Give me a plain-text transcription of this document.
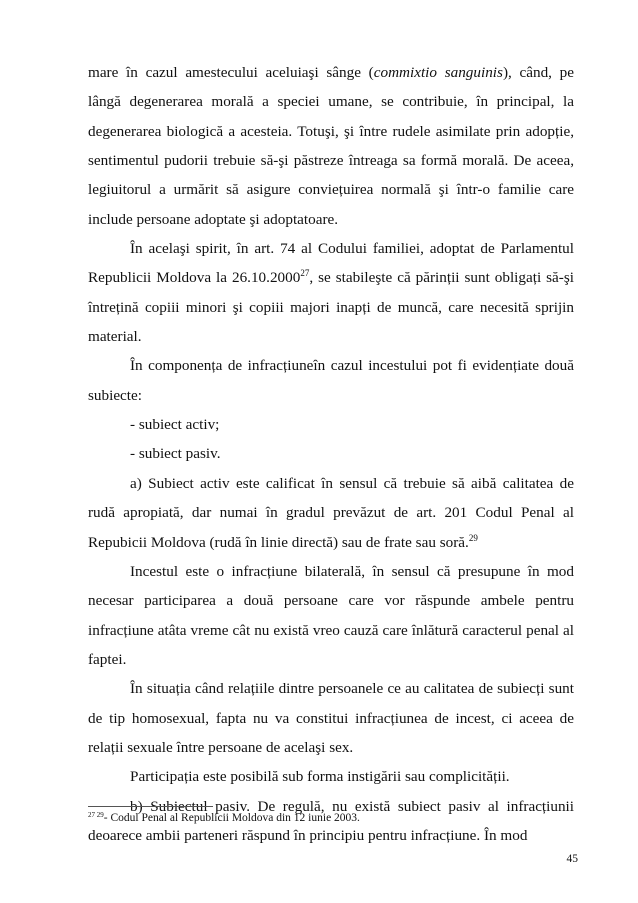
mare în cazul amestecului aceluiaşi sânge (commixtio sanguinis), când, pe lângă degenerarea morală a speciei umane, se contribuie, în principal, la degenerarea biologică a acesteia. Totuşi, şi între rudele asimilate prin adopție, sentimentul pudorii trebuie să-şi păstreze întreaga sa formă morală. De aceea, legiuitorul a urmărit să asigure conviețuirea normală şi într-o familie care include persoane adoptate şi adoptatoare.

În acelaşi spirit, în art. 74 al Codului familiei, adoptat de Parlamentul Republicii Moldova la 26.10.2000$^{27}$, se stabileşte că părinții sunt obligați să-şi întrețină copiii minori şi copiii majori inapți de muncă, care necesită sprijin material.

În componența de infracțiuneîn cazul incestului pot fi evidențiate două subiecte:

- subiect activ;

- subiect pasiv.

a) Subiect activ este calificat în sensul că trebuie să aibă calitatea de rudă apropiată, dar numai în gradul prevăzut de art. 201 Codul Penal al Repubicii Moldova (rudă în linie directă) sau de frate sau soră.$^{29}$

Incestul este o infracțiune bilaterală, în sensul că presupune în mod necesar participarea a două persoane care vor răspunde ambele pentru infracțiune atâta vreme cât nu există vreo cauză care înlătură caracterul penal al faptei.

În situația când relațiile dintre persoanele ce au calitatea de subiecți sunt de tip homosexual, fapta nu va constitui infracțiunea de incest, ci aceea de relații sexuale între persoane de acelaşi sex.

Participația este posibilă sub forma instigării sau complicității.

b) Subiectul pasiv. De regulă, nu există subiect pasiv al infracțiunii deoarece ambii parteneri răspund în principiu pentru infracțiune. În mod

$^{27 29}$- Codul Penal al Republicii Moldova din 12 iunie 2003.
45
